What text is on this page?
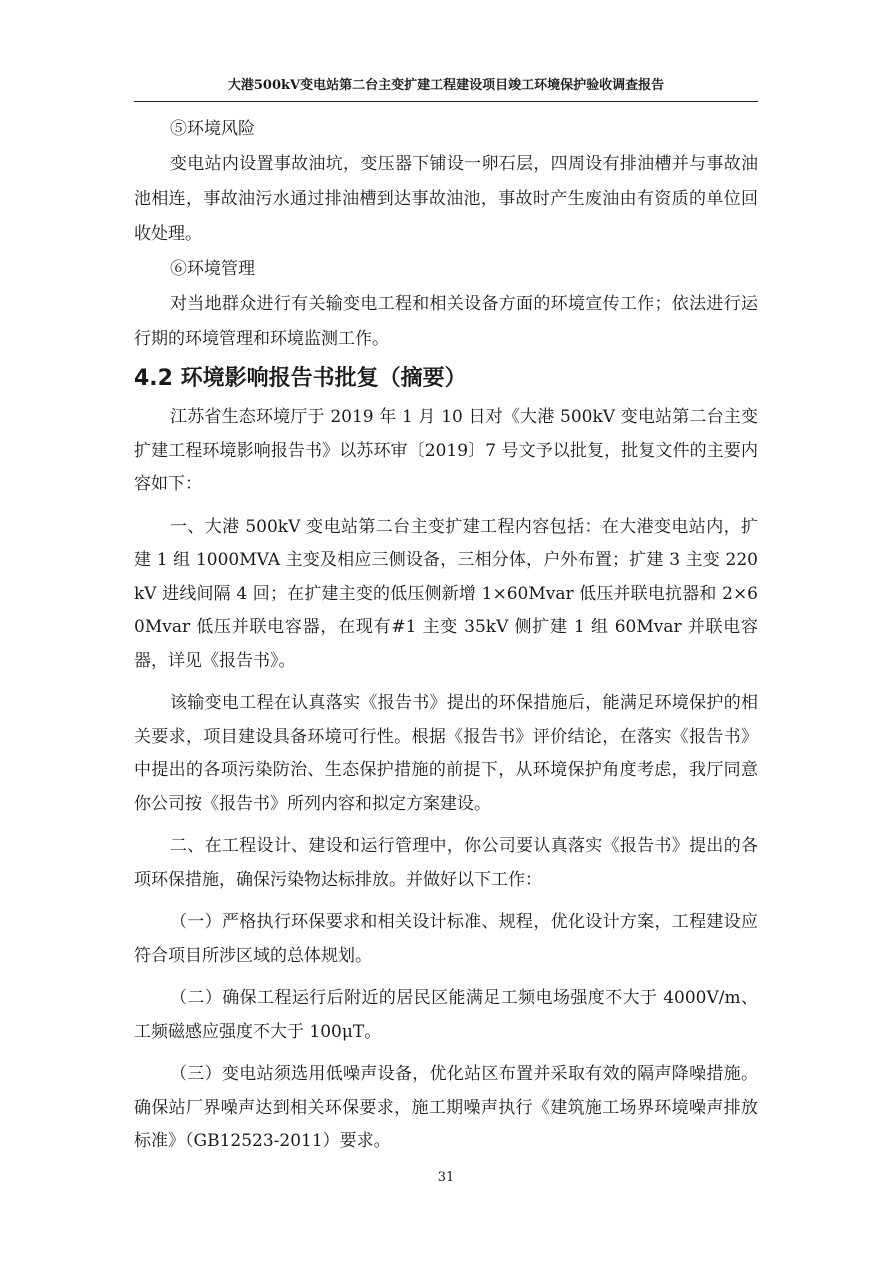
大港500kV变电站第二台主变扩建工程建设项目竣工环境保护验收调查报告

⑤环境风险

变电站内设置事故油坑，变压器下铺设一卵石层，四周设有排油槽并与事故油池相连，事故油污水通过排油槽到达事故油池，事故时产生废油由有资质的单位回收处理。

⑥环境管理

对当地群众进行有关输变电工程和相关设备方面的环境宣传工作；依法进行运行期的环境管理和环境监测工作。

4.2 环境影响报告书批复（摘要）

江苏省生态环境厅于 2019 年 1 月 10 日对《大港 500kV 变电站第二台主变扩建工程环境影响报告书》以苏环审〔2019〕7 号文予以批复，批复文件的主要内容如下：

一、大港 500kV 变电站第二台主变扩建工程内容包括：在大港变电站内，扩建 1 组 1000MVA 主变及相应三侧设备，三相分体，户外布置；扩建 3 主变 220kV 进线间隔 4 回；在扩建主变的低压侧新增 1×60Mvar 低压并联电抗器和 2×60Mvar 低压并联电容器，在现有#1 主变 35kV 侧扩建 1 组 60Mvar 并联电容器，详见《报告书》。

该输变电工程在认真落实《报告书》提出的环保措施后，能满足环境保护的相关要求，项目建设具备环境可行性。根据《报告书》评价结论，在落实《报告书》中提出的各项污染防治、生态保护措施的前提下，从环境保护角度考虑，我厅同意你公司按《报告书》所列内容和拟定方案建设。

二、在工程设计、建设和运行管理中，你公司要认真落实《报告书》提出的各项环保措施，确保污染物达标排放。并做好以下工作：

（一）严格执行环保要求和相关设计标准、规程，优化设计方案，工程建设应符合项目所涉区域的总体规划。

（二）确保工程运行后附近的居民区能满足工频电场强度不大于 4000V/m、工频磁感应强度不大于 100μT。

（三）变电站须选用低噪声设备，优化站区布置并采取有效的隔声降噪措施。确保站厂界噪声达到相关环保要求，施工期噪声执行《建筑施工场界环境噪声排放标准》（GB12523-2011）要求。

31
